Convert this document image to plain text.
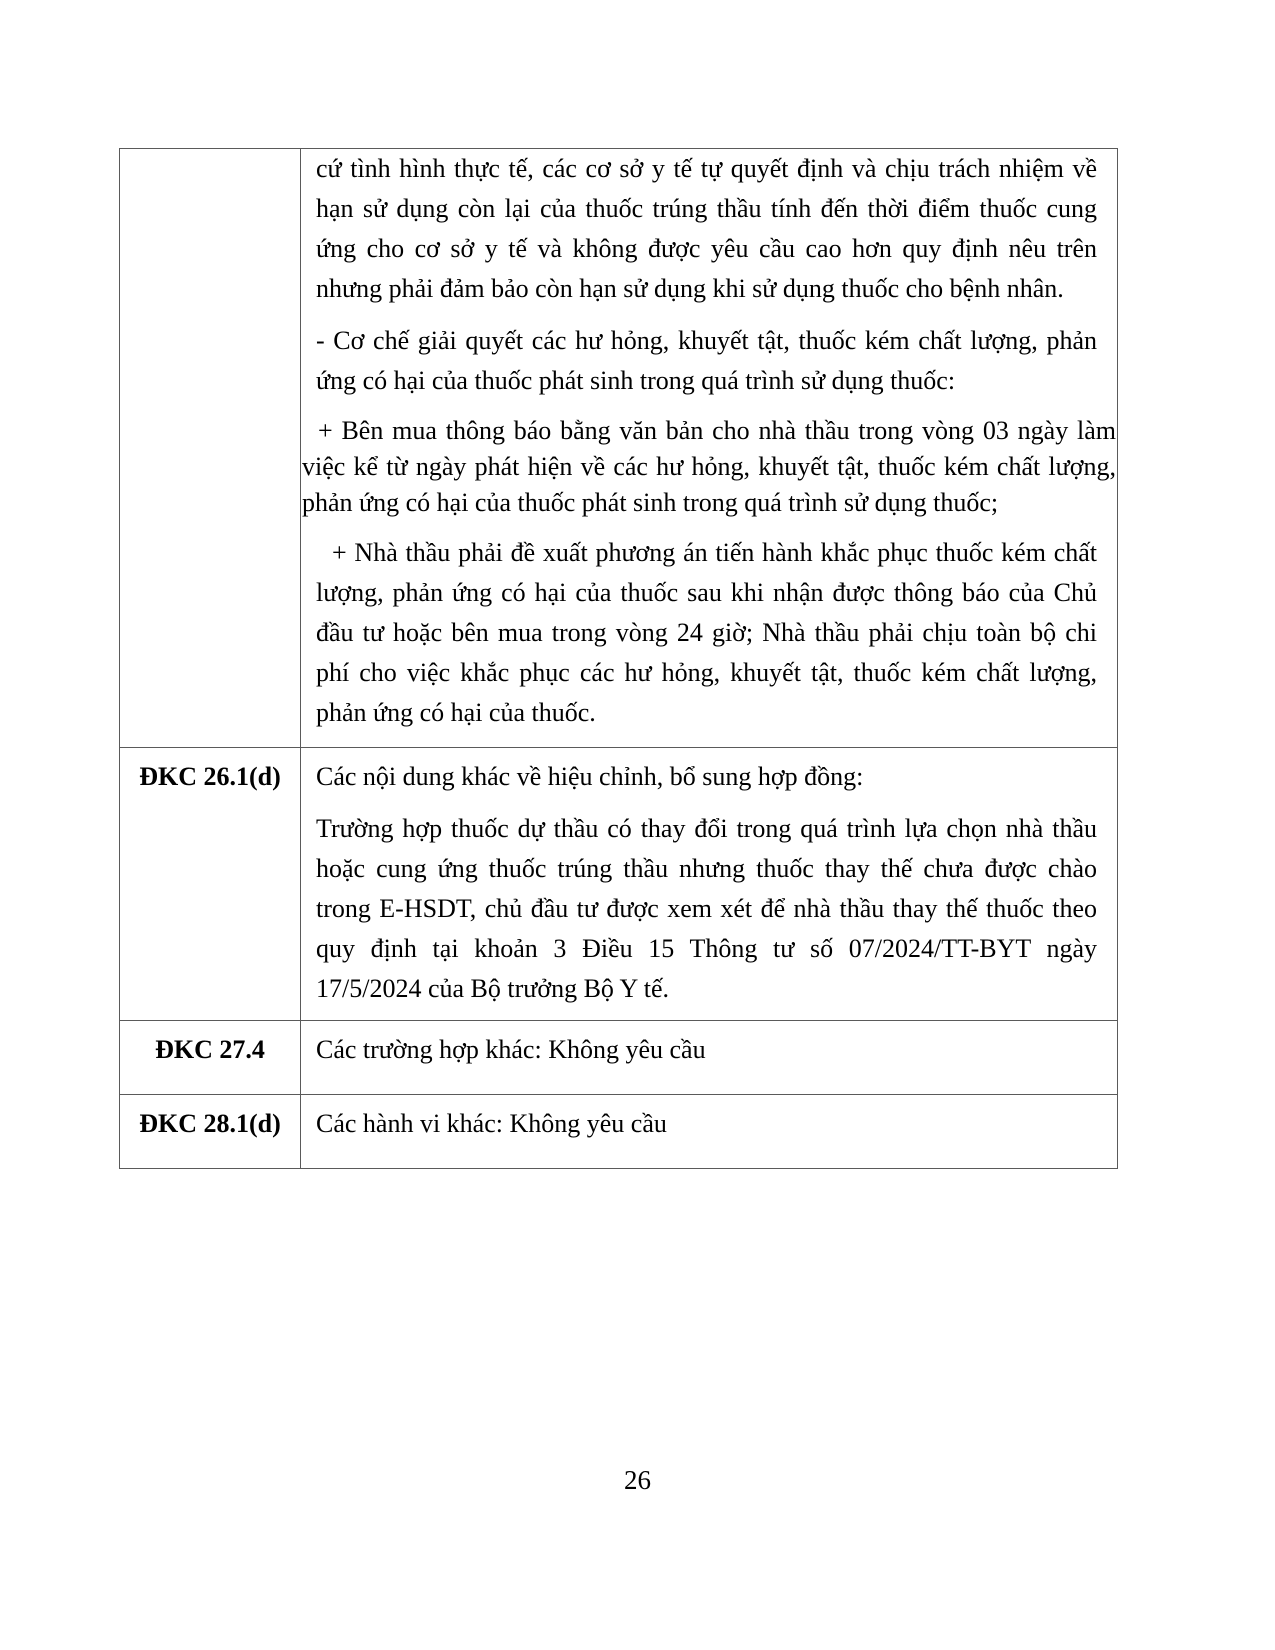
	cứ tình hình thực tế, các cơ sở y tế tự quyết định và chịu trách nhiệm về hạn sử dụng còn lại của thuốc trúng thầu tính đến thời điểm thuốc cung ứng cho cơ sở y tế và không được yêu cầu cao hơn quy định nêu trên nhưng phải đảm bảo còn hạn sử dụng khi sử dụng thuốc cho bệnh nhân.

- Cơ chế giải quyết các hư hỏng, khuyết tật, thuốc kém chất lượng, phản ứng có hại của thuốc phát sinh trong quá trình sử dụng thuốc:

+ Bên mua thông báo bằng văn bản cho nhà thầu trong vòng 03 ngày làm việc kể từ ngày phát hiện về các hư hỏng, khuyết tật, thuốc kém chất lượng, phản ứng có hại của thuốc phát sinh trong quá trình sử dụng thuốc;

+ Nhà thầu phải đề xuất phương án tiến hành khắc phục thuốc kém chất lượng, phản ứng có hại của thuốc sau khi nhận được thông báo của Chủ đầu tư hoặc bên mua trong vòng 24 giờ; Nhà thầu phải chịu toàn bộ chi phí cho việc khắc phục các hư hỏng, khuyết tật, thuốc kém chất lượng, phản ứng có hại của thuốc.

ĐKC 26.1(d)	Các nội dung khác về hiệu chỉnh, bổ sung hợp đồng:

Trường hợp thuốc dự thầu có thay đổi trong quá trình lựa chọn nhà thầu hoặc cung ứng thuốc trúng thầu nhưng thuốc thay thế chưa được chào trong E-HSDT, chủ đầu tư được xem xét để nhà thầu thay thế thuốc theo quy định tại khoản 3 Điều 15 Thông tư số 07/2024/TT-BYT ngày 17/5/2024 của Bộ trưởng Bộ Y tế.

ĐKC 27.4	Các trường hợp khác: Không yêu cầu

ĐKC 28.1(d)	Các hành vi khác: Không yêu cầu

26
